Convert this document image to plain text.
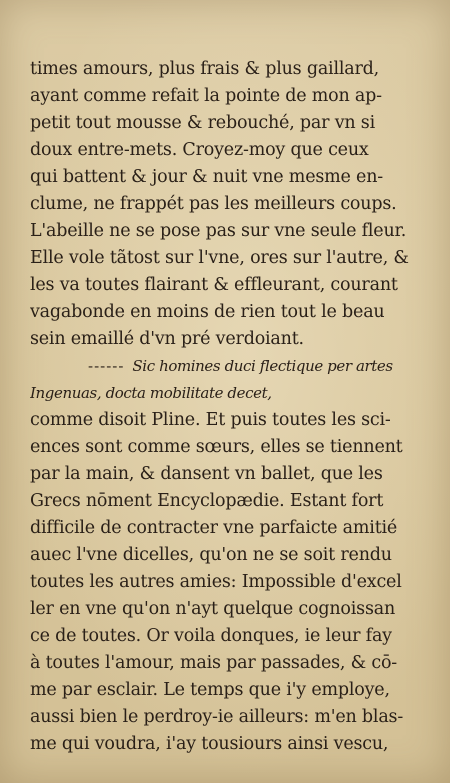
times amours, plus frais & plus gaillard,
ayant comme refait la pointe de mon ap-
petit tout mousse & rebouché, par vn si
doux entre-mets. Croyez-moy que ceux
qui battent & jour & nuit vne mesme en-
clume, ne frappét pas les meilleurs coups.
L'abeille ne se pose pas sur vne seule fleur.
Elle vole tãtost sur l'vne, ores sur l'autre, &
les va toutes flairant & effleurant, courant
vagabonde en moins de rien tout le beau
sein emaillé d'vn pré verdoiant.
------ Sic homines duci flectique per artes
Ingenuas, docta mobilitate decet,
comme disoit Pline. Et puis toutes les sci-
ences sont comme sœurs, elles se tiennent
par la main, & dansent vn ballet, que les
Grecs nōment Encyclopædie. Estant fort
difficile de contracter vne parfaicte amitié
auec l'vne dicelles, qu'on ne se soit rendu
toutes les autres amies: Impossible d'excel
ler en vne qu'on n'ayt quelque cognoissan
ce de toutes. Or voila donques, ie leur fay
à toutes l'amour, mais par passades, & cō-
me par esclair. Le temps que i'y employe,
aussi bien le perdroy-ie ailleurs: m'en blas-
me qui voudra, i'ay tousiours ainsi vescu,
